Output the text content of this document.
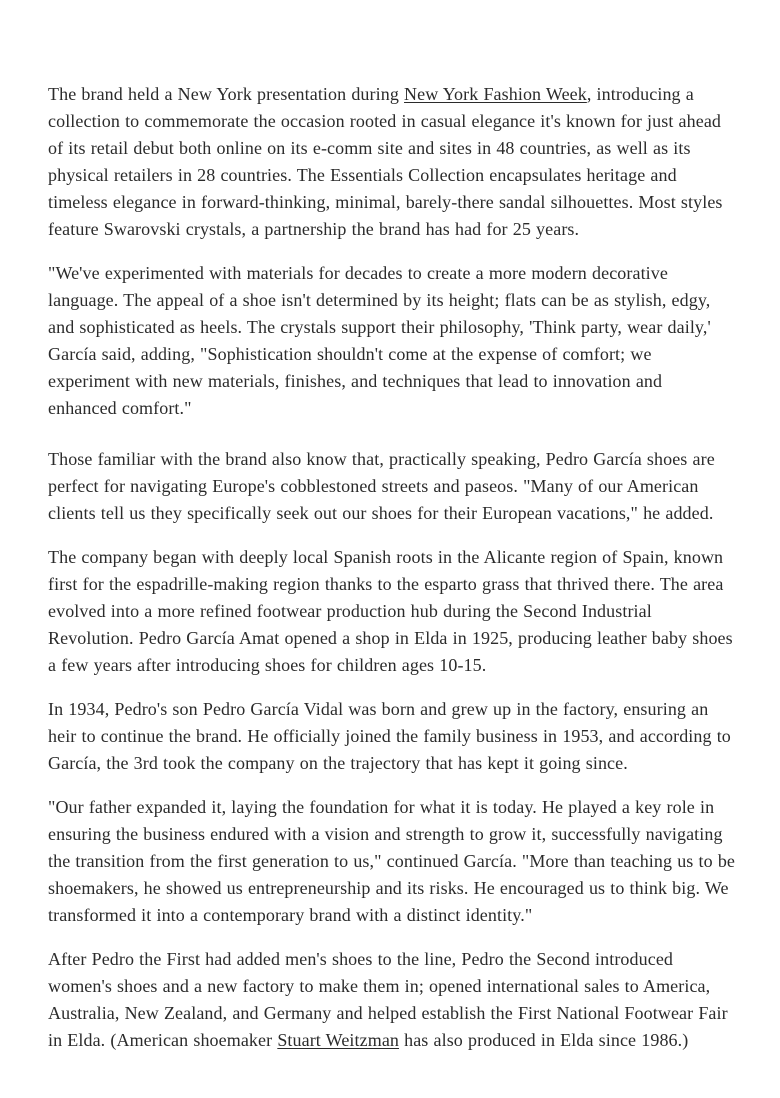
The brand held a New York presentation during New York Fashion Week, introducing a collection to commemorate the occasion rooted in casual elegance it's known for just ahead of its retail debut both online on its e-comm site and sites in 48 countries, as well as its physical retailers in 28 countries. The Essentials Collection encapsulates heritage and timeless elegance in forward-thinking, minimal, barely-there sandal silhouettes. Most styles feature Swarovski crystals, a partnership the brand has had for 25 years.

"We've experimented with materials for decades to create a more modern decorative language. The appeal of a shoe isn't determined by its height; flats can be as stylish, edgy, and sophisticated as heels. The crystals support their philosophy, 'Think party, wear daily,' García said, adding, "Sophistication shouldn't come at the expense of comfort; we experiment with new materials, finishes, and techniques that lead to innovation and enhanced comfort."

Those familiar with the brand also know that, practically speaking, Pedro García shoes are perfect for navigating Europe's cobblestoned streets and paseos. "Many of our American clients tell us they specifically seek out our shoes for their European vacations," he added.

The company began with deeply local Spanish roots in the Alicante region of Spain, known first for the espadrille-making region thanks to the esparto grass that thrived there. The area evolved into a more refined footwear production hub during the Second Industrial Revolution. Pedro García Amat opened a shop in Elda in 1925, producing leather baby shoes a few years after introducing shoes for children ages 10-15.

In 1934, Pedro's son Pedro García Vidal was born and grew up in the factory, ensuring an heir to continue the brand. He officially joined the family business in 1953, and according to García, the 3rd took the company on the trajectory that has kept it going since.

"Our father expanded it, laying the foundation for what it is today. He played a key role in ensuring the business endured with a vision and strength to grow it, successfully navigating the transition from the first generation to us," continued García. "More than teaching us to be shoemakers, he showed us entrepreneurship and its risks. He encouraged us to think big. We transformed it into a contemporary brand with a distinct identity."

After Pedro the First had added men's shoes to the line, Pedro the Second introduced women's shoes and a new factory to make them in; opened international sales to America, Australia, New Zealand, and Germany and helped establish the First National Footwear Fair in Elda. (American shoemaker Stuart Weitzman has also produced in Elda since 1986.)
